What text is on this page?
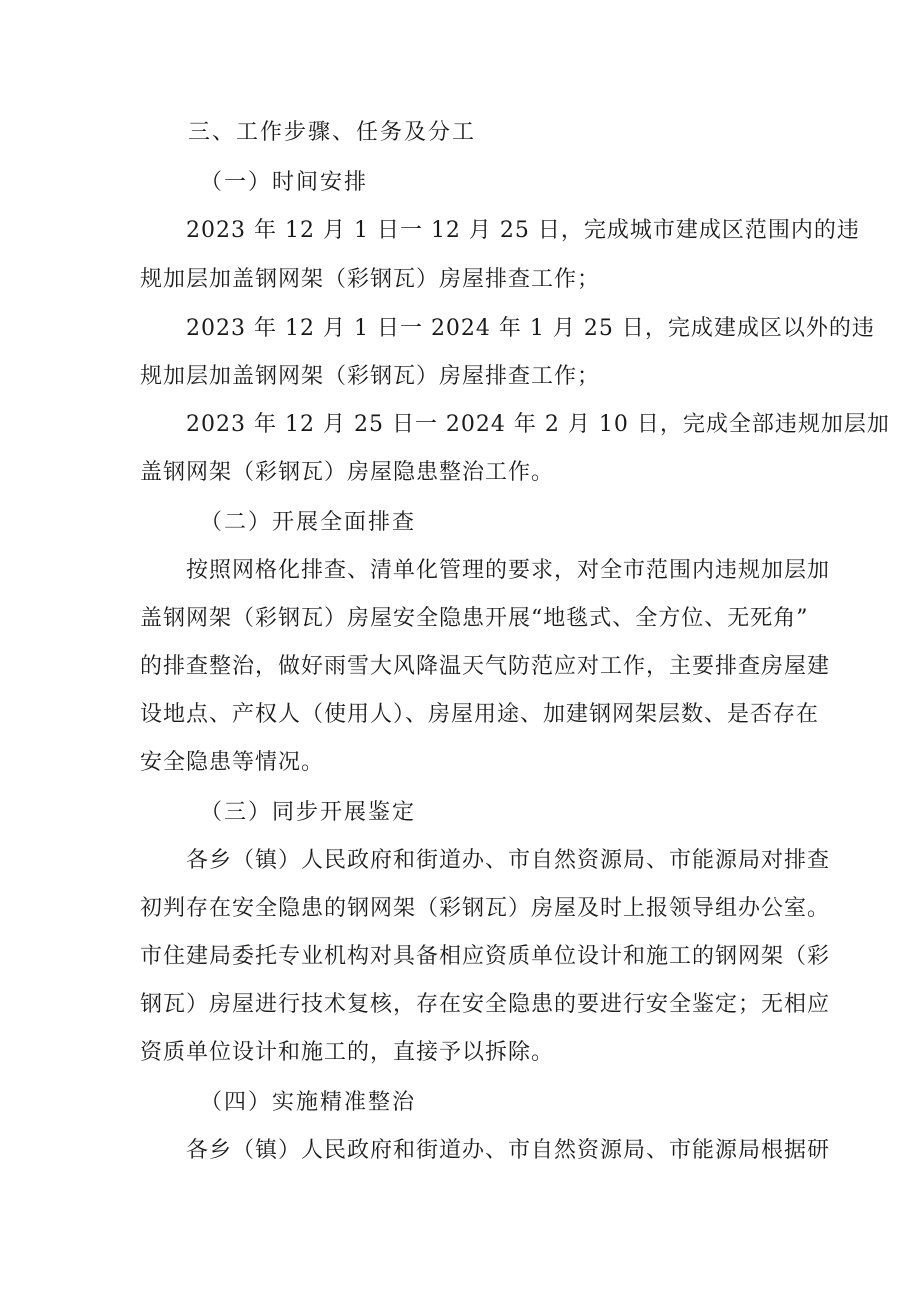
三、工作步骤、任务及分工
（一）时间安排
2023 年 12 月 1 日一 12 月 25 日，完成城市建成区范围内的违
规加层加盖钢网架（彩钢瓦）房屋排查工作；
2023 年 12 月 1 日一 2024 年 1 月 25 日，完成建成区以外的违
规加层加盖钢网架（彩钢瓦）房屋排查工作；
2023 年 12 月 25 日一 2024 年 2 月 10 日，完成全部违规加层加
盖钢网架（彩钢瓦）房屋隐患整治工作。
（二）开展全面排查
按照网格化排查、清单化管理的要求，对全市范围内违规加层加
盖钢网架（彩钢瓦）房屋安全隐患开展“地毯式、全方位、无死角”
的排查整治，做好雨雪大风降温天气防范应对工作，主要排查房屋建
设地点、产权人（使用人）、房屋用途、加建钢网架层数、是否存在
安全隐患等情况。
（三）同步开展鉴定
各乡（镇）人民政府和街道办、市自然资源局、市能源局对排查
初判存在安全隐患的钢网架（彩钢瓦）房屋及时上报领导组办公室。
市住建局委托专业机构对具备相应资质单位设计和施工的钢网架（彩
钢瓦）房屋进行技术复核，存在安全隐患的要进行安全鉴定；无相应
资质单位设计和施工的，直接予以拆除。
（四）实施精准整治
各乡（镇）人民政府和街道办、市自然资源局、市能源局根据研
